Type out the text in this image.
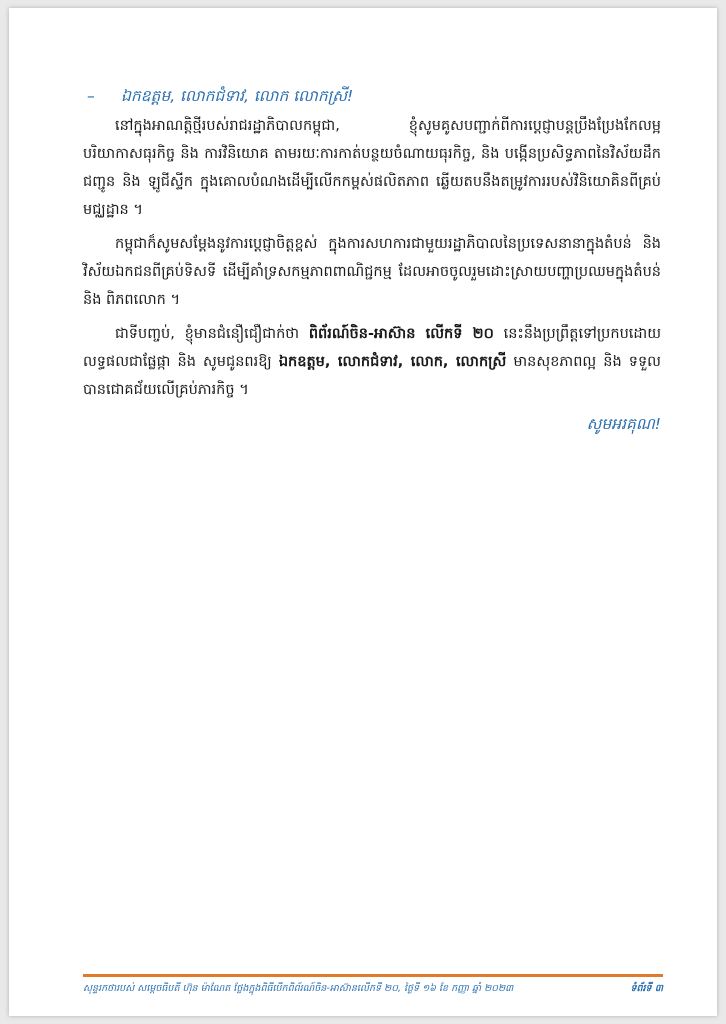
– ឯកឧត្តម, លោកជំទាវ, លោក លោកស្រី!

នៅក្នុងអាណត្តិថ្មីរបស់រាជរដ្ឋាភិបាលកម្ពុជា, ខ្ញុំសូមគូសបញ្ជាក់ពីការប្តេជ្ញាបន្តប្រឹងប្រែងកែលម្អបរិយាកាសធុរកិច្ច និង ការវិនិយោគ តាមរយៈការកាត់បន្ថយចំណាយធុរកិច្ច, និង បង្កើនប្រសិទ្ធភាពនៃវិស័យដឹកជញ្ជូន និង ឡូជីស្ទីក ក្នុងគោលបំណងដើម្បីលើកកម្ពស់ផលិតភាព ឆ្លើយតបនឹងតម្រូវការរបស់វិនិយោគិនពីគ្រប់មជ្ឈដ្ឋាន ។

កម្ពុជាក៏សូមសម្តែងនូវការប្តេជ្ញាចិត្តខ្ពស់ ក្នុងការសហការជាមួយរដ្ឋាភិបាលនៃប្រទេសនានាក្នុងតំបន់ និង វិស័យឯកជនពីគ្រប់ទិសទី ដើម្បីគាំទ្រសកម្មភាពពាណិជ្ជកម្ម ដែលអាចចូលរួមដោះស្រាយបញ្ហាប្រឈមក្នុងតំបន់ និង ពិភពលោក ។

ជាទីបញ្ចប់, ខ្ញុំមានជំនឿជឿជាក់ថា ពិព័រណ៍ចិន-អាស៊ាន លើកទី ២០ នេះនឹងប្រព្រឹត្តទៅប្រកបដោយលទ្ធផលជាផ្លែផ្កា និង សូមជូនពរឱ្យ ឯកឧត្តម, លោកជំទាវ, លោក, លោកស្រី មានសុខភាពល្អ និង ទទួលបានជោគជ័យលើគ្រប់ភារកិច្ច ។

សូមអរគុណ!

សុន្ទរកថារបស់ សម្តេចធិបតី ហ៊ុន ម៉ាណែត ថ្លែងក្នុងពិធីបើកពិព័រណ៍ចិន-អាស៊ានលើកទី ២០, ថ្ងៃទី ១៦ ខែ កញ្ញា ឆ្នាំ ២០២៣	ទំព័រទី ៣
